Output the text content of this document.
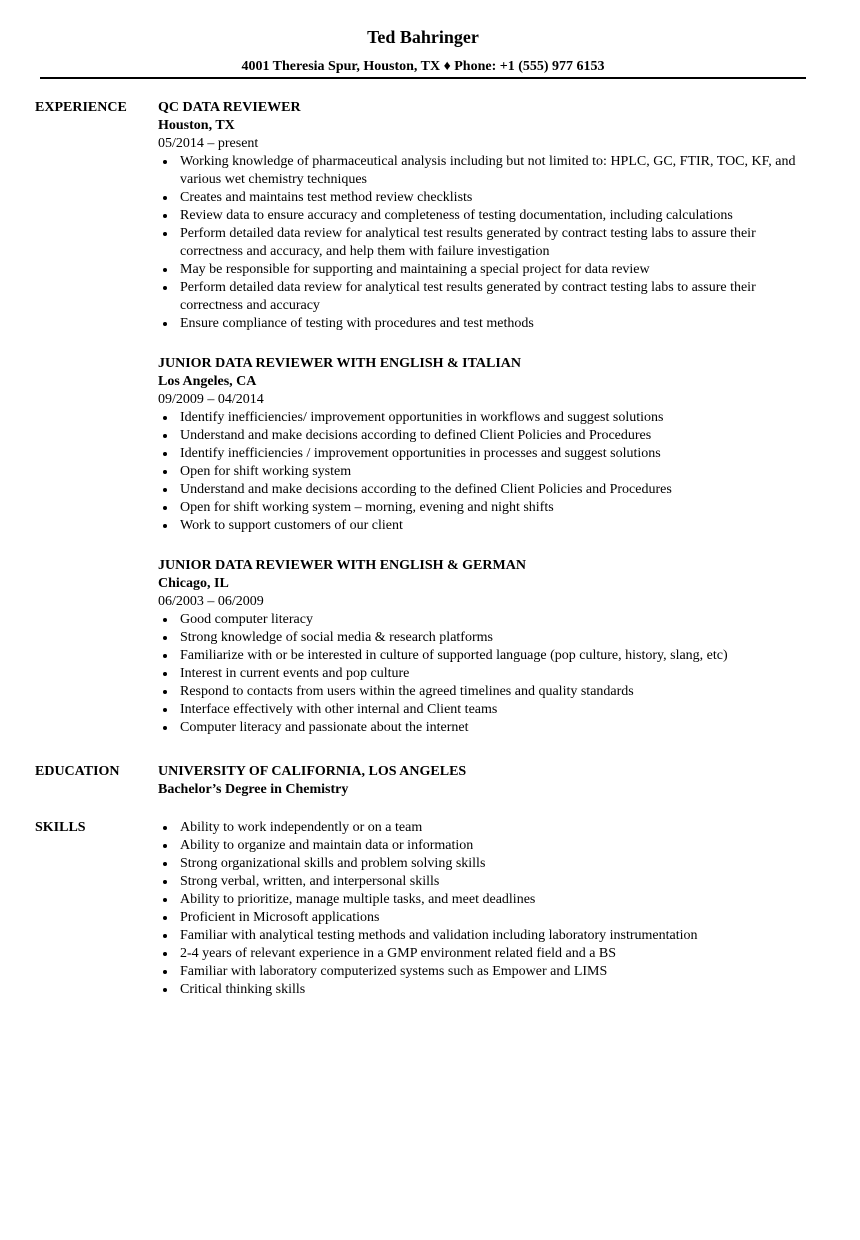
Ted Bahringer
4001 Theresia Spur, Houston, TX ♦ Phone: +1 (555) 977 6153
EXPERIENCE	QC DATA REVIEWER
Houston, TX
05/2014 – present
Working knowledge of pharmaceutical analysis including but not limited to: HPLC, GC, FTIR, TOC, KF, and various wet chemistry techniques
Creates and maintains test method review checklists
Review data to ensure accuracy and completeness of testing documentation, including calculations
Perform detailed data review for analytical test results generated by contract testing labs to assure their correctness and accuracy, and help them with failure investigation
May be responsible for supporting and maintaining a special project for data review
Perform detailed data review for analytical test results generated by contract testing labs to assure their correctness and accuracy
Ensure compliance of testing with procedures and test methods
JUNIOR DATA REVIEWER WITH ENGLISH & ITALIAN
Los Angeles, CA
09/2009 – 04/2014
Identify inefficiencies/ improvement opportunities in workflows and suggest solutions
Understand and make decisions according to defined Client Policies and Procedures
Identify inefficiencies / improvement opportunities in processes and suggest solutions
Open for shift working system
Understand and make decisions according to the defined Client Policies and Procedures
Open for shift working system – morning, evening and night shifts
Work to support customers of our client
JUNIOR DATA REVIEWER WITH ENGLISH & GERMAN
Chicago, IL
06/2003 – 06/2009
Good computer literacy
Strong knowledge of social media & research platforms
Familiarize with or be interested in culture of supported language (pop culture, history, slang, etc)
Interest in current events and pop culture
Respond to contacts from users within the agreed timelines and quality standards
Interface effectively with other internal and Client teams
Computer literacy and passionate about the internet
EDUCATION	UNIVERSITY OF CALIFORNIA, LOS ANGELES
Bachelor’s Degree in Chemistry
SKILLS	Ability to work independently or on a team
Ability to organize and maintain data or information
Strong organizational skills and problem solving skills
Strong verbal, written, and interpersonal skills
Ability to prioritize, manage multiple tasks, and meet deadlines
Proficient in Microsoft applications
Familiar with analytical testing methods and validation including laboratory instrumentation
2-4 years of relevant experience in a GMP environment related field and a BS
Familiar with laboratory computerized systems such as Empower and LIMS
Critical thinking skills
